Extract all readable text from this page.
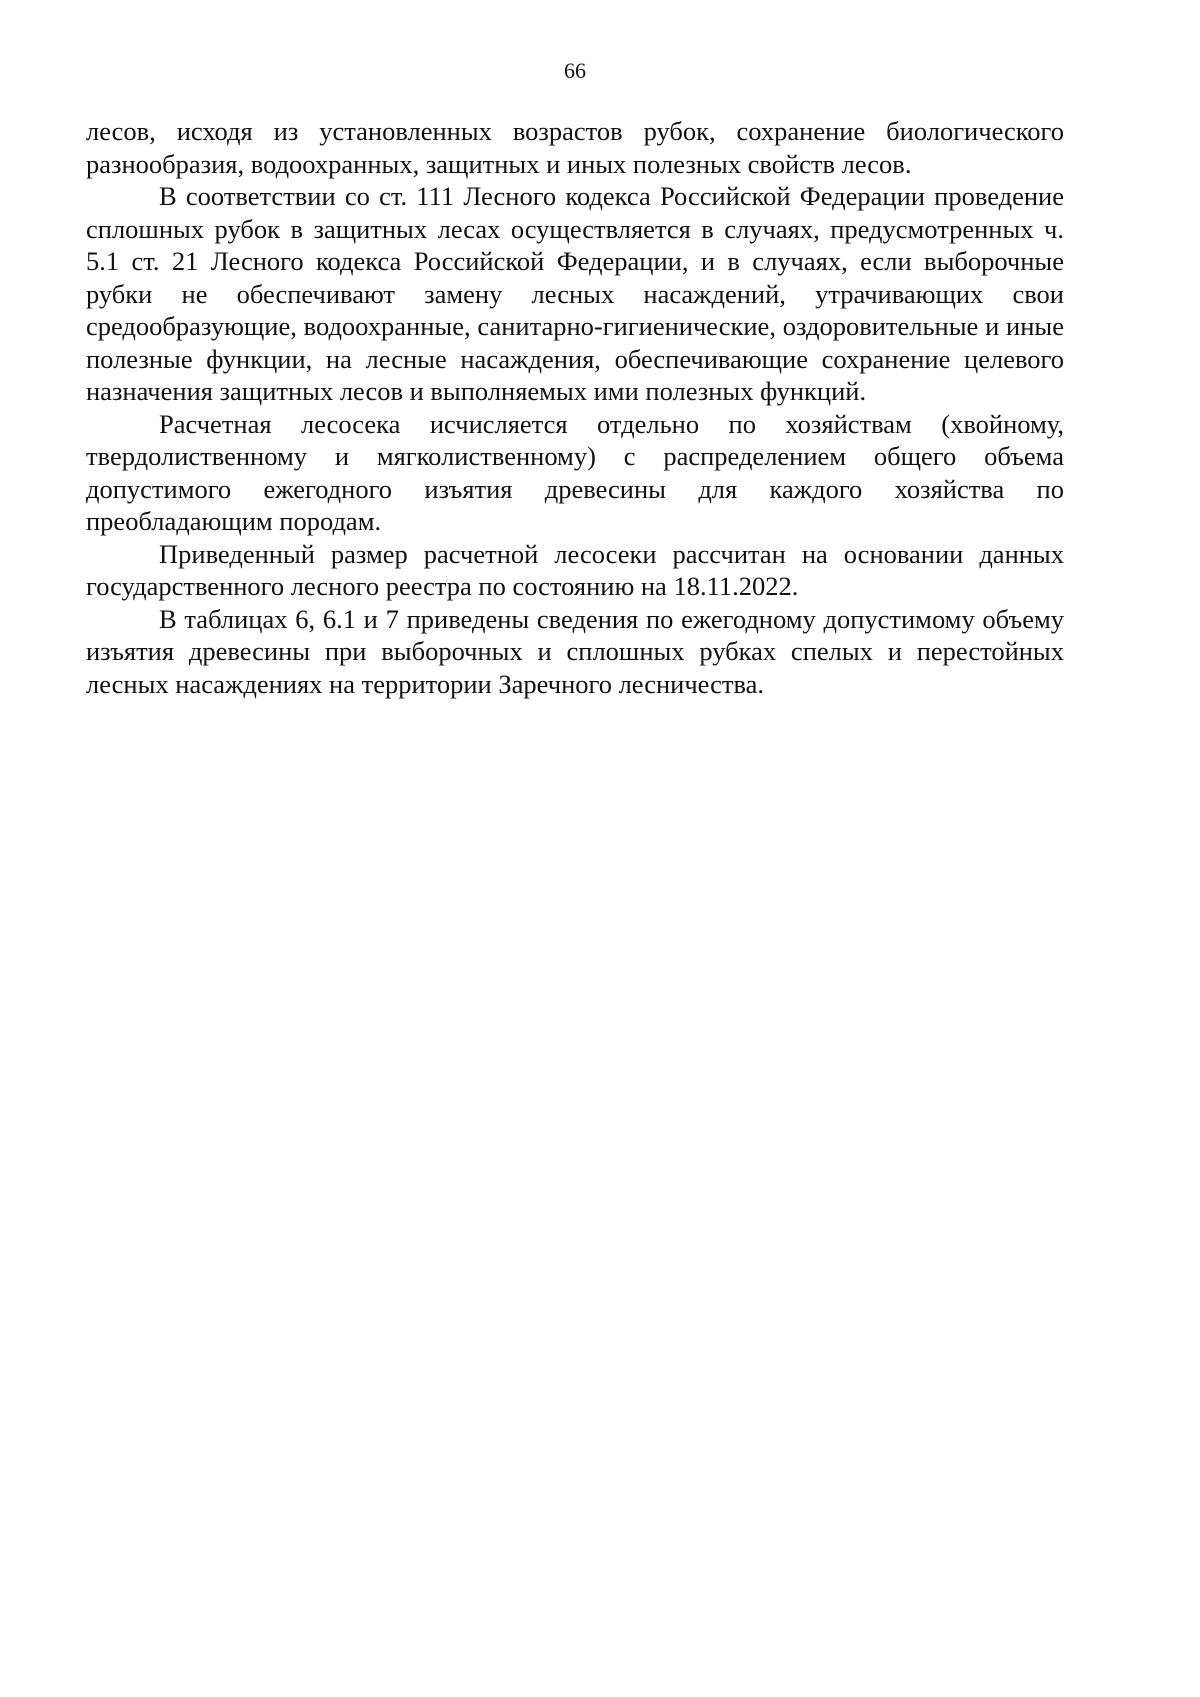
66

лесов, исходя из установленных возрастов рубок, сохранение биологического разнообразия, водоохранных, защитных и иных полезных свойств лесов.

В соответствии со ст. 111 Лесного кодекса Российской Федерации проведение сплошных рубок в защитных лесах осуществляется в случаях, предусмотренных ч. 5.1 ст. 21 Лесного кодекса Российской Федерации, и в случаях, если выборочные рубки не обеспечивают замену лесных насаждений, утрачивающих свои средообразующие, водоохранные, санитарно-гигиенические, оздоровительные и иные полезные функции, на лесные насаждения, обеспечивающие сохранение целевого назначения защитных лесов и выполняемых ими полезных функций.

Расчетная лесосека исчисляется отдельно по хозяйствам (хвойному, твердолиственному и мягколиственному) с распределением общего объема допустимого ежегодного изъятия древесины для каждого хозяйства по преобладающим породам.

Приведенный размер расчетной лесосеки рассчитан на основании данных государственного лесного реестра по состоянию на 18.11.2022.

В таблицах 6, 6.1 и 7 приведены сведения по ежегодному допустимому объему изъятия древесины при выборочных и сплошных рубках спелых и перестойных лесных насаждениях на территории Заречного лесничества.
